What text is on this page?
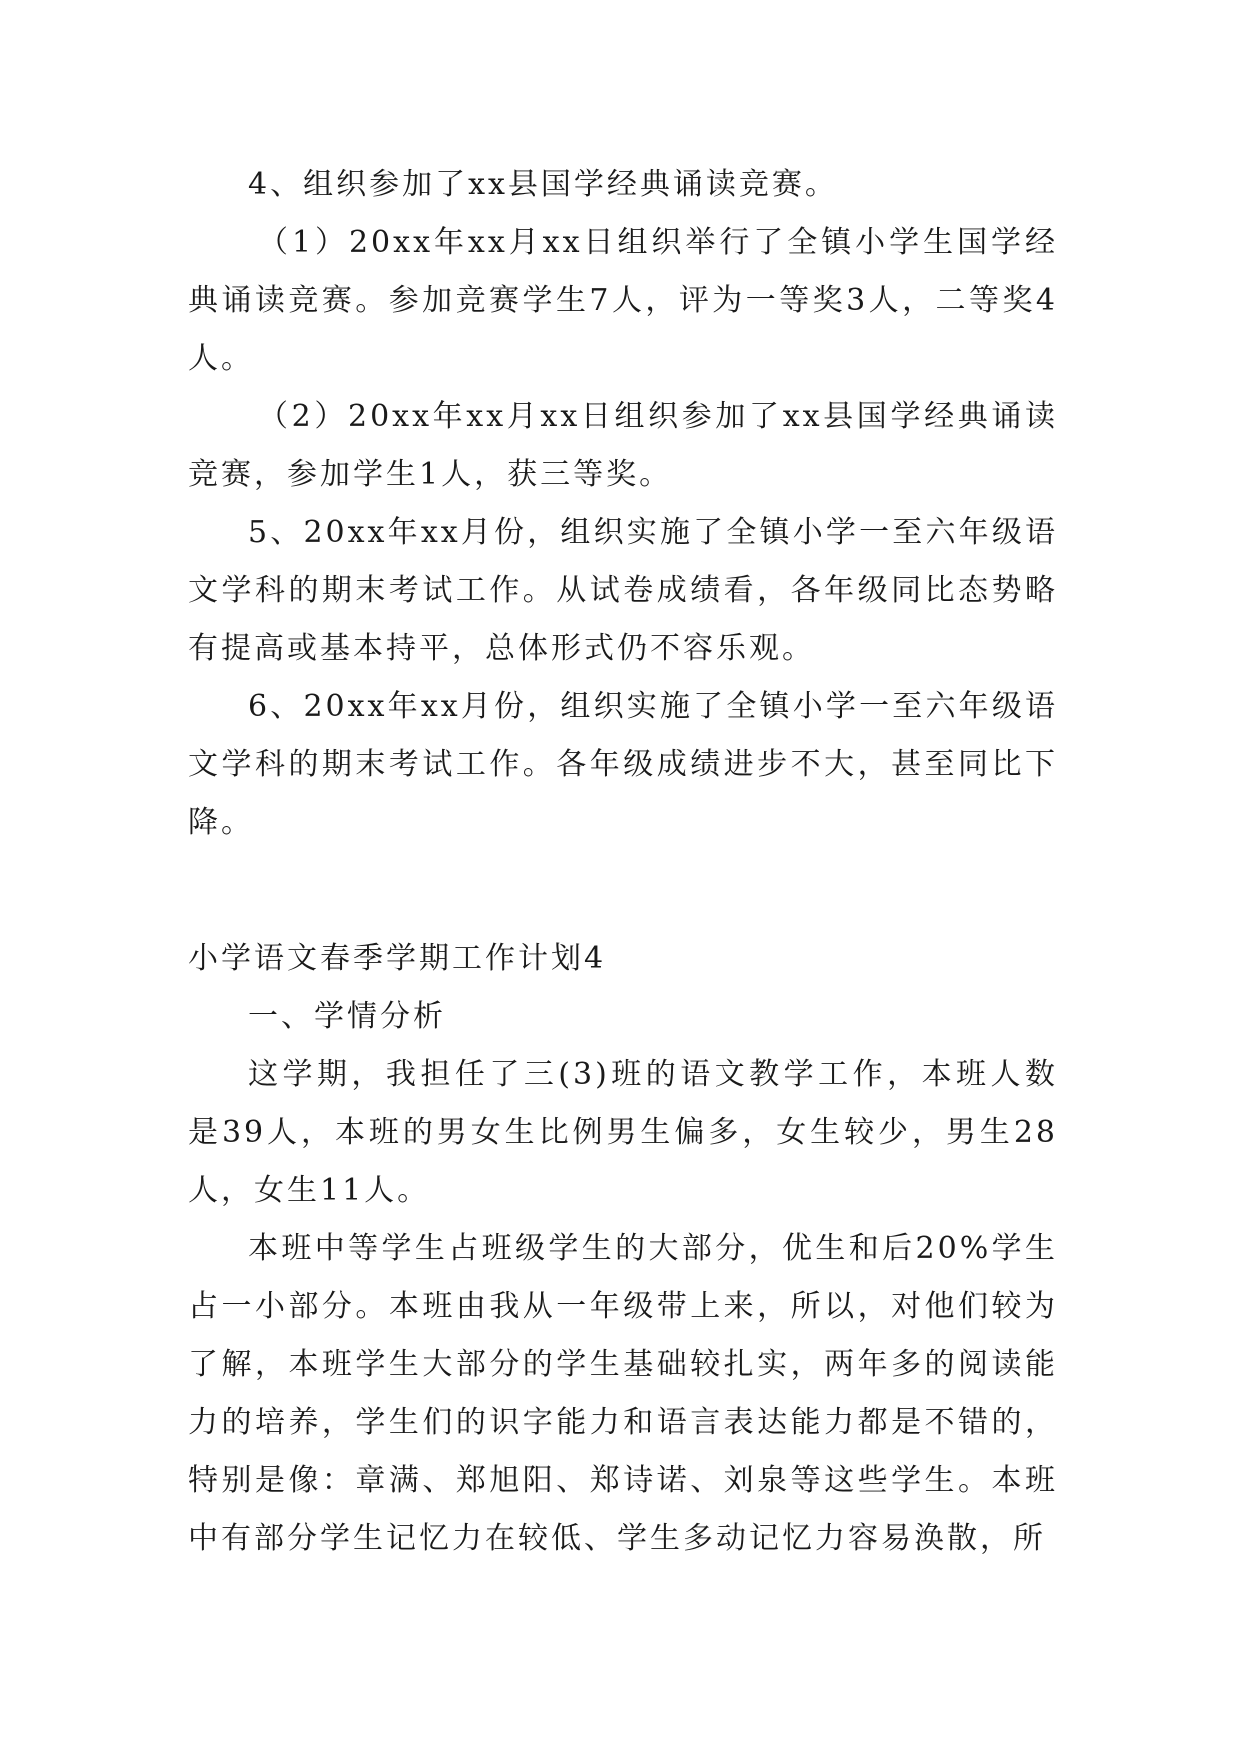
4、组织参加了xx县国学经典诵读竞赛。

（1）20xx年xx月xx日组织举行了全镇小学生国学经典诵读竞赛。参加竞赛学生7人，评为一等奖3人，二等奖4人。

（2）20xx年xx月xx日组织参加了xx县国学经典诵读竞赛，参加学生1人，获三等奖。

5、20xx年xx月份，组织实施了全镇小学一至六年级语文学科的期末考试工作。从试卷成绩看，各年级同比态势略有提高或基本持平，总体形式仍不容乐观。

6、20xx年xx月份，组织实施了全镇小学一至六年级语文学科的期末考试工作。各年级成绩进步不大，甚至同比下降。

小学语文春季学期工作计划4

一、学情分析

这学期，我担任了三(3)班的语文教学工作，本班人数是39人，本班的男女生比例男生偏多，女生较少，男生28人，女生11人。

本班中等学生占班级学生的大部分，优生和后20%学生占一小部分。本班由我从一年级带上来，所以，对他们较为了解，本班学生大部分的学生基础较扎实，两年多的阅读能力的培养，学生们的识字能力和语言表达能力都是不错的，特别是像：章满、郑旭阳、郑诗诺、刘泉等这些学生。本班中有部分学生记忆力在较低、学生多动记忆力容易涣散，所
